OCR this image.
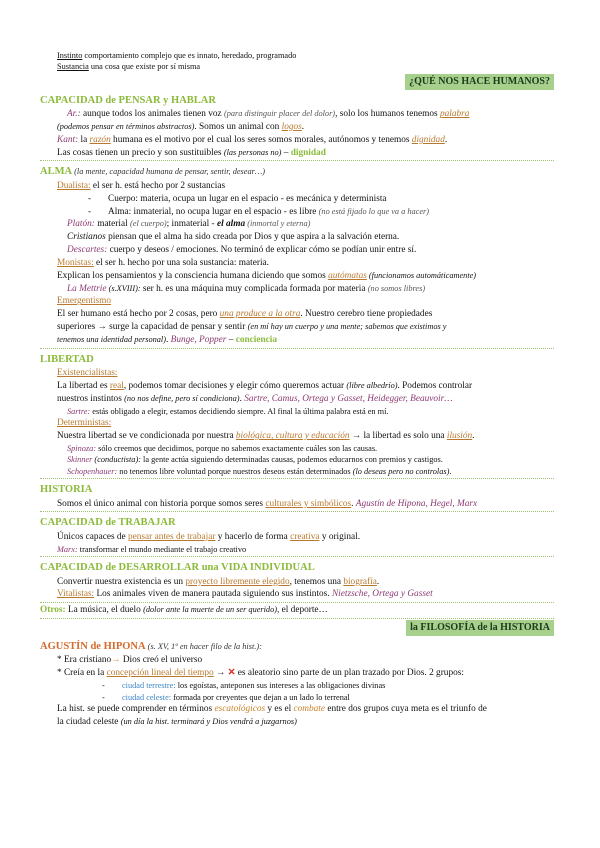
Instinto comportamiento complejo que es innato, heredado, programado
Sustancia una cosa que existe por sí misma
¿QUÉ NOS HACE HUMANOS?
CAPACIDAD de PENSAR y HABLAR
Ar.: aunque todos los animales tienen voz (para distinguir placer del dolor), solo los humanos tenemos palabra
(podemos pensar en términos abstractos). Somos un animal con logos.
Kant: la razón humana es el motivo por el cual los seres somos morales, autónomos y tenemos dignidad.
Las cosas tienen un precio y son sustituibles (las personas no) – dignidad
ALMA (la mente, capacidad humana de pensar, sentir, desear…)
Dualista: el ser h. está hecho por 2 sustancias
- Cuerpo: materia, ocupa un lugar en el espacio - es mecánica y determinista
- Alma: inmaterial, no ocupa lugar en el espacio - es libre (no está fijado lo que va a hacer)
Platón: material (el cuerpo); inmaterial - el alma (inmortal y eterna)
Cristianos piensan que el alma ha sido creada por Dios y que aspira a la salvación eterna.
Descartes: cuerpo y deseos / emociones. No terminó de explicar cómo se podían unir entre sí.
Monistas: el ser h. hecho por una sola sustancia: materia.
Explican los pensamientos y la consciencia humana diciendo que somos autómatas (funcionamos automáticamente)
La Mettrie (s.XVIII): ser h. es una máquina muy complicada formada por materia (no somos libres)
Emergentismo
El ser humano está hecho por 2 cosas, pero una produce a la otra. Nuestro cerebro tiene propiedades
superiores → surge la capacidad de pensar y sentir (en mí hay un cuerpo y una mente; sabemos que existimos y
tenemos una identidad personal). Bunge, Popper – conciencia
LIBERTAD
Existencialistas:
La libertad es real, podemos tomar decisiones y elegir cómo queremos actuar (libre albedrío). Podemos controlar
nuestros instintos (no nos define, pero sí condiciona). Sartre, Camus, Ortega y Gasset, Heidegger, Beauvoir…
Sartre: estás obligado a elegir, estamos decidiendo siempre. Al final la última palabra está en mí.
Deterministas:
Nuestra libertad se ve condicionada por nuestra biológica, cultura y educación → la libertad es solo una ilusión.
Spinoza: sólo creemos que decidimos, porque no sabemos exactamente cuáles son las causas.
Skinner (conductista): la gente actúa siguiendo determinadas causas, podemos educarnos con premios y castigos.
Schopenhauer: no tenemos libre voluntad porque nuestros deseos están determinados (lo deseas pero no controlas).
HISTORIA
Somos el único animal con historia porque somos seres culturales y simbólicos. Agustín de Hipona, Hegel, Marx
CAPACIDAD de TRABAJAR
Únicos capaces de pensar antes de trabajar y hacerlo de forma creativa y original.
Marx: transformar el mundo mediante el trabajo creativo
CAPACIDAD de DESARROLLAR una VIDA INDIVIDUAL
Convertir nuestra existencia es un proyecto libremente elegido, tenemos una biografía.
Vitalistas: Los animales viven de manera pautada siguiendo sus instintos. Nietzsche, Ortega y Gasset
Otros: La música, el duelo (dolor ante la muerte de un ser querido), el deporte…
la FILOSOFÍA de la HISTORIA
AGUSTÍN de HIPONA (s. XV, 1º en hacer filo de la hist.):
* Era cristiano→ Dios creó el universo
* Creía en la concepción lineal del tiempo → ✕ es aleatorio sino parte de un plan trazado por Dios. 2 grupos:
- ciudad terrestre: los egoístas, anteponen sus intereses a las obligaciones divinas
- ciudad celeste: formada por creyentes que dejan a un lado lo terrenal
La hist. se puede comprender en términos escatológicos y es el combate entre dos grupos cuya meta es el triunfo de
la ciudad celeste (un día la hist. terminará y Dios vendrá a juzgarnos)
